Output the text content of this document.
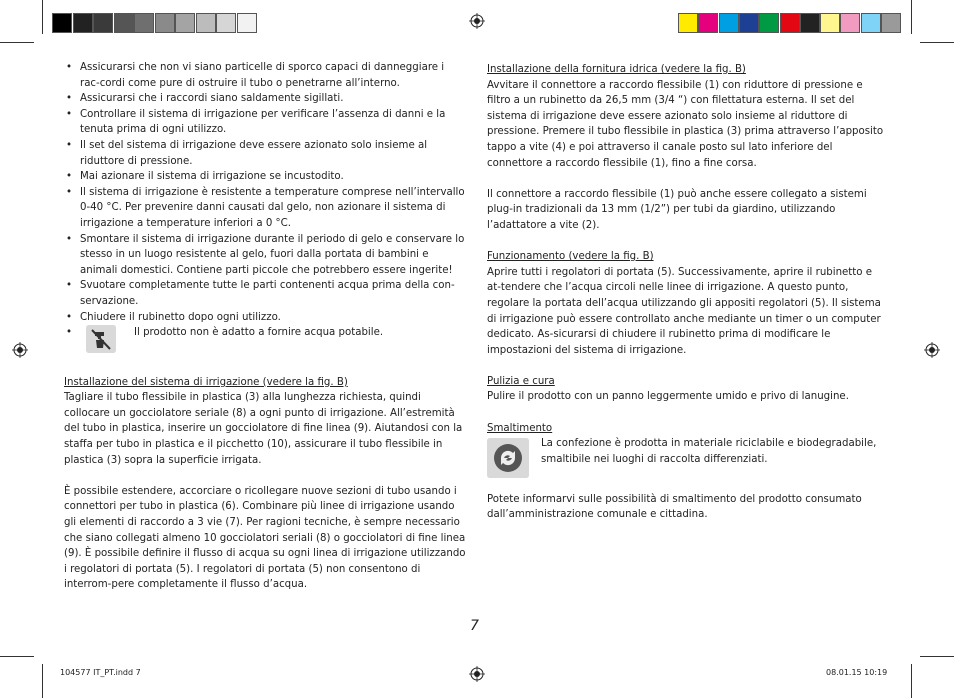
• Assicurarsi che non vi siano particelle di sporco capaci di danneggiare i rac-cordi come pure di ostruire il tubo o penetrarne all’interno.
• Assicurarsi che i raccordi siano saldamente sigillati.
• Controllare il sistema di irrigazione per verificare l’assenza di danni e la tenuta prima di ogni utilizzo.
• Il set del sistema di irrigazione deve essere azionato solo insieme al riduttore di pressione.
• Mai azionare il sistema di irrigazione se incustodito.
• Il sistema di irrigazione è resistente a temperature comprese nell’intervallo 0-40 °C. Per prevenire danni causati dal gelo, non azionare il sistema di irrigazione a temperature inferiori a 0 °C.
• Smontare il sistema di irrigazione durante il periodo di gelo e conservare lo stesso in un luogo resistente al gelo, fuori dalla portata di bambini e animali domestici. Contiene parti piccole che potrebbero essere ingerite!
• Svuotare completamente tutte le parti contenenti acqua prima della con-servazione.
• Chiudere il rubinetto dopo ogni utilizzo.
• Il prodotto non è adatto a fornire acqua potabile.

Installazione del sistema di irrigazione (vedere la fig. B)

Tagliare il tubo flessibile in plastica (3) alla lunghezza richiesta, quindi collocare un gocciolatore seriale (8) a ogni punto di irrigazione. All’estremità del tubo in plastica, inserire un gocciolatore di fine linea (9). Aiutandosi con la staffa per tubo in plastica e il picchetto (10), assicurare il tubo flessibile in plastica (3) sopra la superficie irrigata.

È possibile estendere, accorciare o ricollegare nuove sezioni di tubo usando i connettori per tubo in plastica (6). Combinare più linee di irrigazione usando gli elementi di raccordo a 3 vie (7). Per ragioni tecniche, è sempre necessario che siano collegati almeno 10 gocciolatori seriali (8) o gocciolatori di fine linea (9). È possibile definire il flusso di acqua su ogni linea di irrigazione utilizzando i regolatori di portata (5). I regolatori di portata (5) non consentono di interrom-pere completamente il flusso d’acqua.

Installazione della fornitura idrica (vedere la fig. B)

Avvitare il connettore a raccordo flessibile (1) con riduttore di pressione e filtro a un rubinetto da 26,5 mm (3/4 “) con filettatura esterna. Il set del sistema di irrigazione deve essere azionato solo insieme al riduttore di pressione. Premere il tubo flessibile in plastica (3) prima attraverso l’apposito tappo a vite (4) e poi attraverso il canale posto sul lato inferiore del connettore a raccordo flessibile (1), fino a fine corsa.

Il connettore a raccordo flessibile (1) può anche essere collegato a sistemi plug-in tradizionali da 13 mm (1/2”) per tubi da giardino, utilizzando l’adattatore a vite (2).

Funzionamento (vedere la fig. B)

Aprire tutti i regolatori di portata (5). Successivamente, aprire il rubinetto e at-tendere che l’acqua circoli nelle linee di irrigazione. A questo punto, regolare la portata dell’acqua utilizzando gli appositi regolatori (5). Il sistema di irrigazione può essere controllato anche mediante un timer o un computer dedicato. As-sicurarsi di chiudere il rubinetto prima di modificare le impostazioni del sistema di irrigazione.

Pulizia e cura

Pulire il prodotto con un panno leggermente umido e privo di lanugine.

Smaltimento

La confezione è prodotta in materiale riciclabile e biodegradabile, smaltibile nei luoghi di raccolta differenziati.

Potete informarvi sulle possibilità di smaltimento del prodotto consumato dall’amministrazione comunale e cittadina.

7
104577 IT_PT.indd 7	08.01.15 10:19
